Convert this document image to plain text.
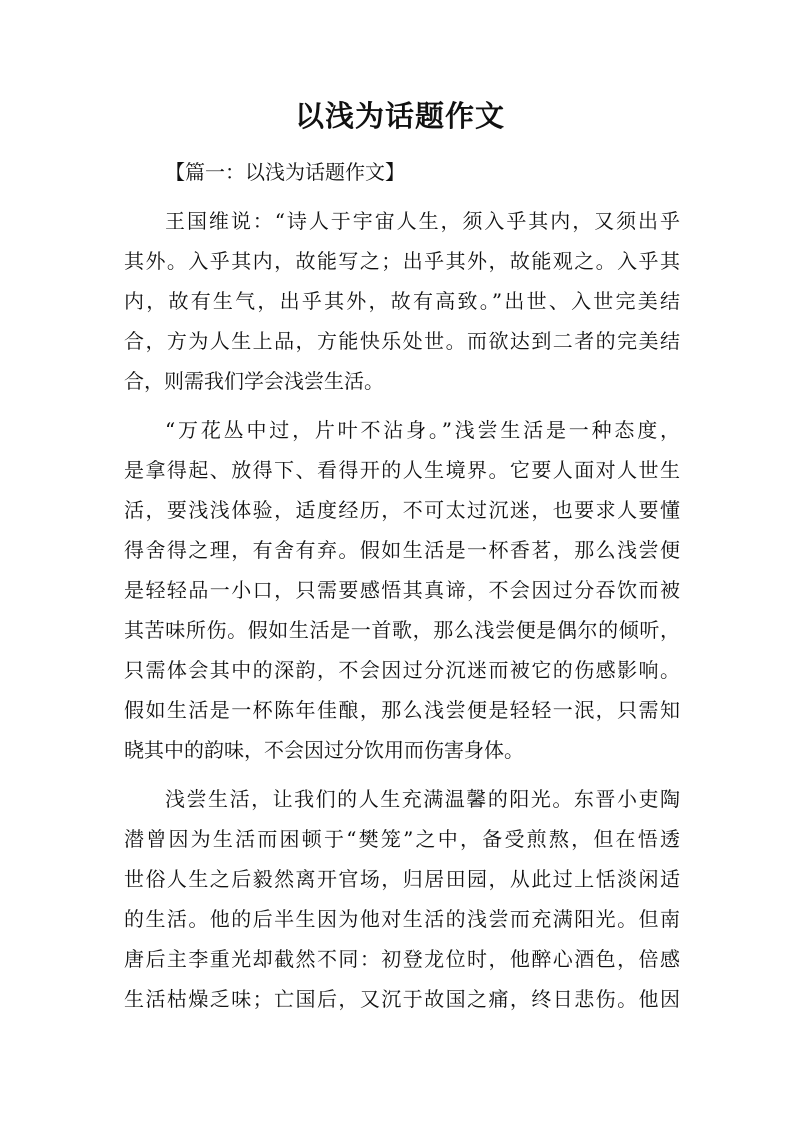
以浅为话题作文
【篇一：以浅为话题作文】
王国维说：“诗人于宇宙人生，须入乎其内，又须出乎
其外。入乎其内，故能写之；出乎其外，故能观之。入乎其
内，故有生气，出乎其外，故有高致。”出世、入世完美结
合，方为人生上品，方能快乐处世。而欲达到二者的完美结
合，则需我们学会浅尝生活。
“万花丛中过，片叶不沾身。”浅尝生活是一种态度，
是拿得起、放得下、看得开的人生境界。它要人面对人世生
活，要浅浅体验，适度经历，不可太过沉迷，也要求人要懂
得舍得之理，有舍有弃。假如生活是一杯香茗，那么浅尝便
是轻轻品一小口，只需要感悟其真谛，不会因过分吞饮而被
其苦味所伤。假如生活是一首歌，那么浅尝便是偶尔的倾听，
只需体会其中的深韵，不会因过分沉迷而被它的伤感影响。
假如生活是一杯陈年佳酿，那么浅尝便是轻轻一泯，只需知
晓其中的韵味，不会因过分饮用而伤害身体。
浅尝生活，让我们的人生充满温馨的阳光。东晋小吏陶
潜曾因为生活而困顿于“樊笼”之中，备受煎熬，但在悟透
世俗人生之后毅然离开官场，归居田园，从此过上恬淡闲适
的生活。他的后半生因为他对生活的浅尝而充满阳光。但南
唐后主李重光却截然不同：初登龙位时，他醉心酒色，倍感
生活枯燥乏味；亡国后，又沉于故国之痛，终日悲伤。他因
